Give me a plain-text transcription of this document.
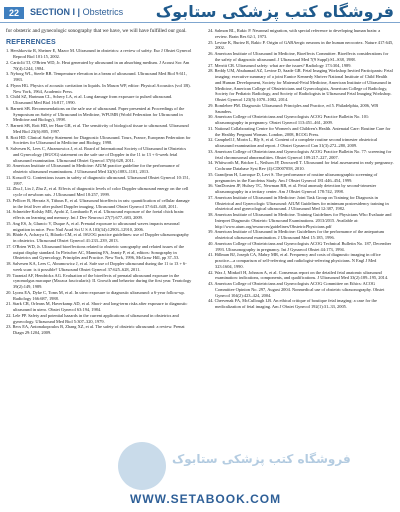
22	SECTION I | Obstetrics فروشگاه کتب پزشکی ستابوک

for obstetric and gynecologic sonography that we have, we will have fulfilled our goal.

REFERENCES
1. Hershkovitz R, Sheiner E, Mazor M. Ultrasound in obstetrics: a review of safety. Eur J Obstet Gynecol Reprod Biol 101:15, 2002.
2. Carticlii TJ, O'Brien WD, Jr. Heat generated by ultrasound in an absorbing medium. J Acoust Soc Am 70(4):1244, 1984.
3. Nyborg WL, Steele RB. Temperature elevation in a beam of ultrasound. Ultrasound Med Biol 9:611, 1983.
4. Flynn HG. Physics of acoustic cavitation in liquids. In Mason WP, editor: Physical Acoustics (vol 1B). New York, 1964, Academic Press.
5. Child SZ, Hartman CL, Schery LA, et al. Lung damage from exposure to pulsed ultrasound. Ultrasound Med Biol 16:817, 1990.
6. Barnett SB. Recommendations on the safe use of ultrasound. Paper presented at Proceedings of the Symposium on Safety of Ultrasound in Medicine, WFUMB (World Federation for Ultrasound in Medicine and Biology), 1998.
7. Barnett SB, Rott HD, ter Haar GR, et al. The sensitivity of biological tissue to ultrasound. Ultrasound Med Biol 23(6):805, 1997.
8. Rott HD. Clinical Safety Statement for Diagnostic Ultrasound. Tours, France, European Federation for Societies for Ultrasound in Medicine and Biology, 1998.
9. Salvesen K, Lees C, Abramowicz J, et al. Board of International Society of Ultrasound in Obstetrics and Gynecology (ISUOG) statement on the safe use of Doppler in the 11 to 13 + 6-week fetal ultrasound examination. Ultrasound Obstet Gynecol 37(6):628, 2011.
10. American Institute of Ultrasound in Medicine: AIUM practice guideline for the performance of obstetric ultrasound examinations. J Ultrasound Med 32(6):1083–1101, 2013.
11. Kossoff G. Contentious issues in safety of diagnostic ultrasound. Ultrasound Obstet Gynecol 10:151, 1997.
12. Zhu J, Lin J, Zhu Z, et al. Effects of diagnostic levels of color Doppler ultrasound energy on the cell cycle of newborn rats. J Ultrasound Med 18:257, 1999.
13. Pellicer B, Herraiz S, Táboas E, et al. Ultrasound bioeffects in rats: quantification of cellular damage in the fetal liver after pulsed Doppler imaging. Ultrasound Obstet Gynecol 37:643–648, 2011.
14. Schneider-Kolsky ME, Ayobi Z, Lombardo P, et al. Ultrasound exposure of the foetal chick brain: effects on learning and memory. Int J Dev Neurosci 27(7):677–683, 2009.
15. Ang ES, Jr, Gluncic V, Duque A, et al. Prenatal exposure to ultrasound waves impacts neuronal migration in mice. Proc Natl Acad Sci U S A 103(34):12903–12910, 2006.
16. Bhide A, Acharya G, Bilardo CM, et al. ISUOG practice guidelines: use of Doppler ultrasonography in obstetrics. Ultrasound Obstet Gynecol 41:233–239, 2013.
17. O'Brien WD, Jr. Ultrasound bioeffections related to obstetric sonography and related issues of the output display standard. In Fleischer AC, Manning FA, Jeanty P, et al, editors: Sonography in Obstetrics and Gynecology, Principles and Practice. New York, 1996, McGraw Hill, pp 37–53.
18. Salvesen KA, Lees C, Abramowicz J, et al. Safe use of Doppler ultrasound during the 11 to 13 + 6-week scan: is it possible? Ultrasound Obstet Gynecol 37:625–628, 2011.
19. Tarantal AF, Hendrickx AG. Evaluation of the bioeffects of prenatal ultrasound exposure in the cynomolgus macaque (Macaca fascicularis): II. Growth and behavior during the first year. Teratology 39(2):149, 1989.
20. Lyons EA, Dyke C, Toms M, et al. In utero exposure to diagnostic ultrasound: a 6-year follow-up. Radiology 166:687, 1988.
21. Stark CR, Orleans M, Haverkamp AD, et al. Short- and long-term risks after exposure to diagnostic ultrasound in utero. Obstet Gynecol 63:194, 1984.
22. Lele PP. Safety and potential hazards in the current applications of ultrasound in obstetrics and gynecology. Ultrasound Med Biol 5:307–320, 1979.
23. Recs EA, Antonakopoulos B, Zhang XZ, et al. The safety of obstetric ultrasound: a review. Prenat Diagn 29:1204, 2009.
24. Salmon RL, Rakic P. Neuronal migration, with special reference to developing human brain: a review. Brain Res 62:1, 1973.
25. Levine K, Buriez R, Rakic P. Origin of GABAergic neurons in the human neocortex. Nature 417:645, 2002.
26. American Institute of Ultrasound in Medicine, Bioeffects Committee. Bioeffects considerations for the safety of diagnostic ultrasound. J Ultrasound Med 7(9 Suppl):S1–S38, 1988.
27. Merritt CR. Ultrasound safety: what are the issues? Radiology 173:304, 1989.
28. Reddy UM, Abuhamad AZ, Levine D, Saade GR. Fetal Imaging Workshop Invited Participants: Fetal imaging: executive summary of a joint Eunice Kennedy Shriver National Institute of Child Health and Human Development, Society for Maternal-Fetal Medicine, American Institute of Ultrasound in Medicine, American College of Obstetricians and Gynecologists, American College of Radiology, Society for Pediatric Radiology, and Society of Radiologists in Ultrasound Fetal Imaging Workshop. Obstet Gynecol 123(5):1070–1082, 2014.
29. Romlebee PM. Diagnostic Ultrasound: Principles and Practice, ed 5. Philadelphia, 2006, WB Saunders.
30. American College of Obstetricians and Gynecologists ACOG Practice Bulletin No. 101: ultrasonography in pregnancy. Obstet Gynecol 113:451–461, 2009.
31. National Collaborating Centre for Women's and Children's Health. Antenatal Care: Routine Care for the Healthy Pregnant Woman. London, 2008, RCOG Press.
32. Campbell J, Morin L, Bly S, et al. Content of a complete routine second trimester obstetrical ultrasound examination and report. J Obstet Gynaecol Can 31(3):272–280, 2009.
33. American College of Obstetricians and Gynecologists ACOG Practice Bulletin No. 77: screening for fetal chromosomal abnormalities. Obstet Gynecol 109:217–227, 2007.
34. Whitworth M, Bricker L, Neilson JP, Dowswell T. Ultrasound for fetal assessment in early pregnancy. Cochrane Database Syst Rev (4):CD007058, 2010.
35. Grandjean H, Larroque D, Levi S. The performance of routine ultrasonographic screening of pregnancies in the Eurofetus Study. Am J Obstet Gynecol 181:446–454, 1999.
36. VanDorsten JP, Hulsey TC, Newman RB, et al. Fetal anomaly detection by second-trimester ultrasonography in a tertiary center. Am J Obstet Gynecol 178:742, 1998.
37. American Institute of Ultrasound in Medicine: Joint Task Group on Training for Diagnosis in Obstetrical and Gynecologic Ultrasound: AIUM Guidelines for minimum postresidency training in obstetrical and gynecological ultrasound. J Ultrasound Med 12:387, 1982.
38. American Institute of Ultrasound in Medicine. Training Guidelines for Physicians Who Evaluate and Interpret Diagnostic Obstetric Ultrasound Examinations. 2013/2015. Available at: http://www.aium.org/resources/guidelines/ObstetricPhysicians.pdf
39. American Institute of Ultrasound in Medicine: Guidelines for the performance of the antepartum obstetrical ultrasound examination. J Ultrasound Med 15:185, 1996.
40. American College of Obstetricians and Gynecologists ACOG Technical Bulletin No. 187, December 1993. Ultrasonography in pregnancy. Int J Gynaecol Obstet 44:173, 1994.
41. Hillman BJ, Joseph CA, Mabry MR, et al. Frequency and costs of diagnostic imaging in office practice—a comparison of self-referring and radiologist-referring physicians. N Engl J Med 323:1604, 1990.
42. Wax J, Minkoff H, Johnson A, et al. Consensus report on the detailed fetal anatomic ultrasound examination: indications, components, and qualifications. J Ultrasound Med 33(2):189–195, 2014.
43. American College of Obstetricians and Gynecologists ACOG Committee on Ethics: ACOG Committee Opinion No. 297, August 2004. Nonmedical use of obstetric ultrasonography. Obstet Gynecol 104(2):423–424, 2004.
44. Chervenak FA, McCullough LB. An ethical critique of boutique fetal imaging: a case for the medicalization of fetal imaging. Am J Obstet Gynecol 192(1):31–33, 2005.
فروشگاه کتب پزشکی ستابوک
WWW.SETABOOK.COM
